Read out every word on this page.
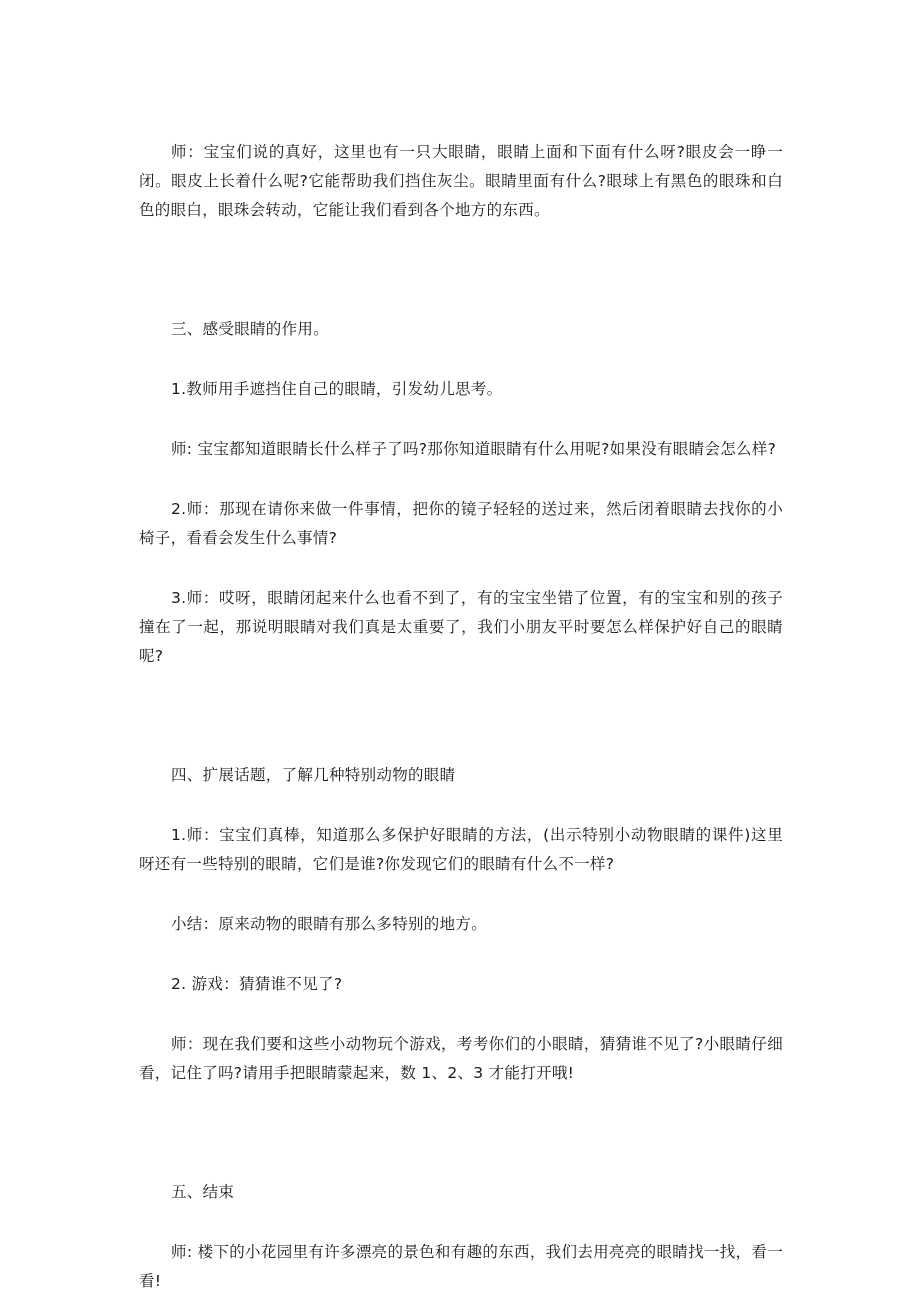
师：宝宝们说的真好，这里也有一只大眼睛，眼睛上面和下面有什么呀?眼皮会一睁一闭。眼皮上长着什么呢?它能帮助我们挡住灰尘。眼睛里面有什么?眼球上有黑色的眼珠和白色的眼白，眼珠会转动，它能让我们看到各个地方的东西。

三、感受眼睛的作用。

1.教师用手遮挡住自己的眼睛，引发幼儿思考。

师: 宝宝都知道眼睛长什么样子了吗?那你知道眼睛有什么用呢?如果没有眼睛会怎么样?

2.师：那现在请你来做一件事情，把你的镜子轻轻的送过来，然后闭着眼睛去找你的小椅子，看看会发生什么事情?

3.师：哎呀，眼睛闭起来什么也看不到了，有的宝宝坐错了位置，有的宝宝和别的孩子撞在了一起，那说明眼睛对我们真是太重要了，我们小朋友平时要怎么样保护好自己的眼睛呢?

四、扩展话题，了解几种特别动物的眼睛

1.师：宝宝们真棒，知道那么多保护好眼睛的方法，(出示特别小动物眼睛的课件)这里呀还有一些特别的眼睛，它们是谁?你发现它们的眼睛有什么不一样?

小结：原来动物的眼睛有那么多特别的地方。

2. 游戏：猜猜谁不见了?

师：现在我们要和这些小动物玩个游戏，考考你们的小眼睛，猜猜谁不见了?小眼睛仔细看，记住了吗?请用手把眼睛蒙起来，数 1、2、3 才能打开哦!

五、结束

师: 楼下的小花园里有许多漂亮的景色和有趣的东西，我们去用亮亮的眼睛找一找，看一看!
